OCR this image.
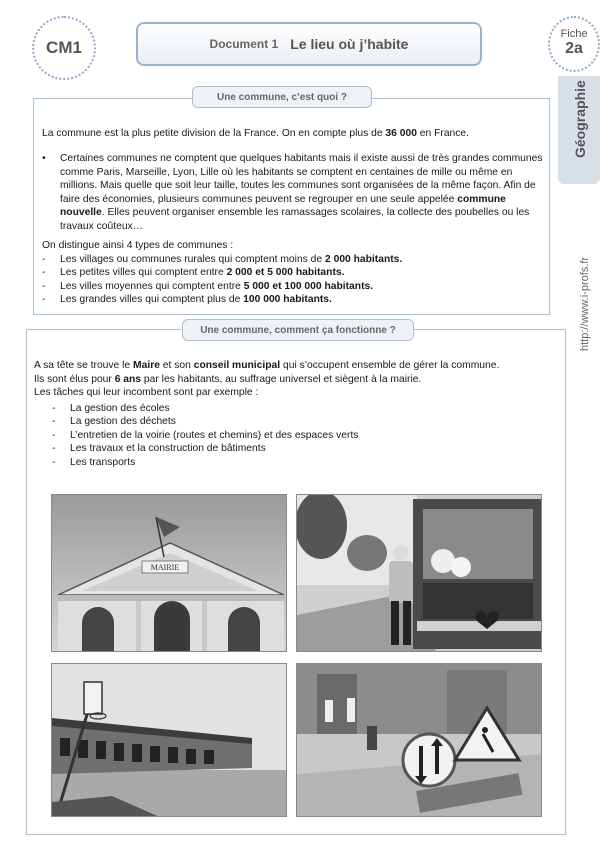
CM1	Document 1 Le lieu où j’habite
Fiche
2a
Géographie
http://www.i-profs.fr
Une commune, c’est quoi ?
La commune est la plus petite division de la France. On en compte plus de 36 000 en France.
• Certaines communes ne comptent que quelques habitants mais il existe aussi de très grandes communes comme Paris, Marseille, Lyon, Lille où les habitants se comptent en centaines de mille ou même en millions. Mais quelle que soit leur taille, toutes les communes sont organisées de la même façon. Afin de faire des économies, plusieurs communes peuvent se regrouper en une seule appelée commune nouvelle. Elles peuvent organiser ensemble les ramassages scolaires, la collecte des poubelles ou les travaux coûteux…
On distingue ainsi 4 types de communes :
- Les villages ou communes rurales qui comptent moins de 2 000 habitants.
- Les petites villes qui comptent entre 2 000 et 5 000 habitants.
- Les villes moyennes qui comptent entre 5 000 et 100 000 habitants.
- Les grandes villes qui comptent plus de 100 000 habitants.
Une commune, comment ça fonctionne ?
A sa tête se trouve le Maire et son conseil municipal qui s’occupent ensemble de gérer la commune.
Ils sont élus pour 6 ans par les habitants, au suffrage universel et siègent à la mairie.
Les tâches qui leur incombent sont par exemple :
- La gestion des écoles
- La gestion des déchets
- L’entretien de la voirie (routes et chemins) et des espaces verts
- Les travaux et la construction de bâtiments
- Les transports
MAIRIE
